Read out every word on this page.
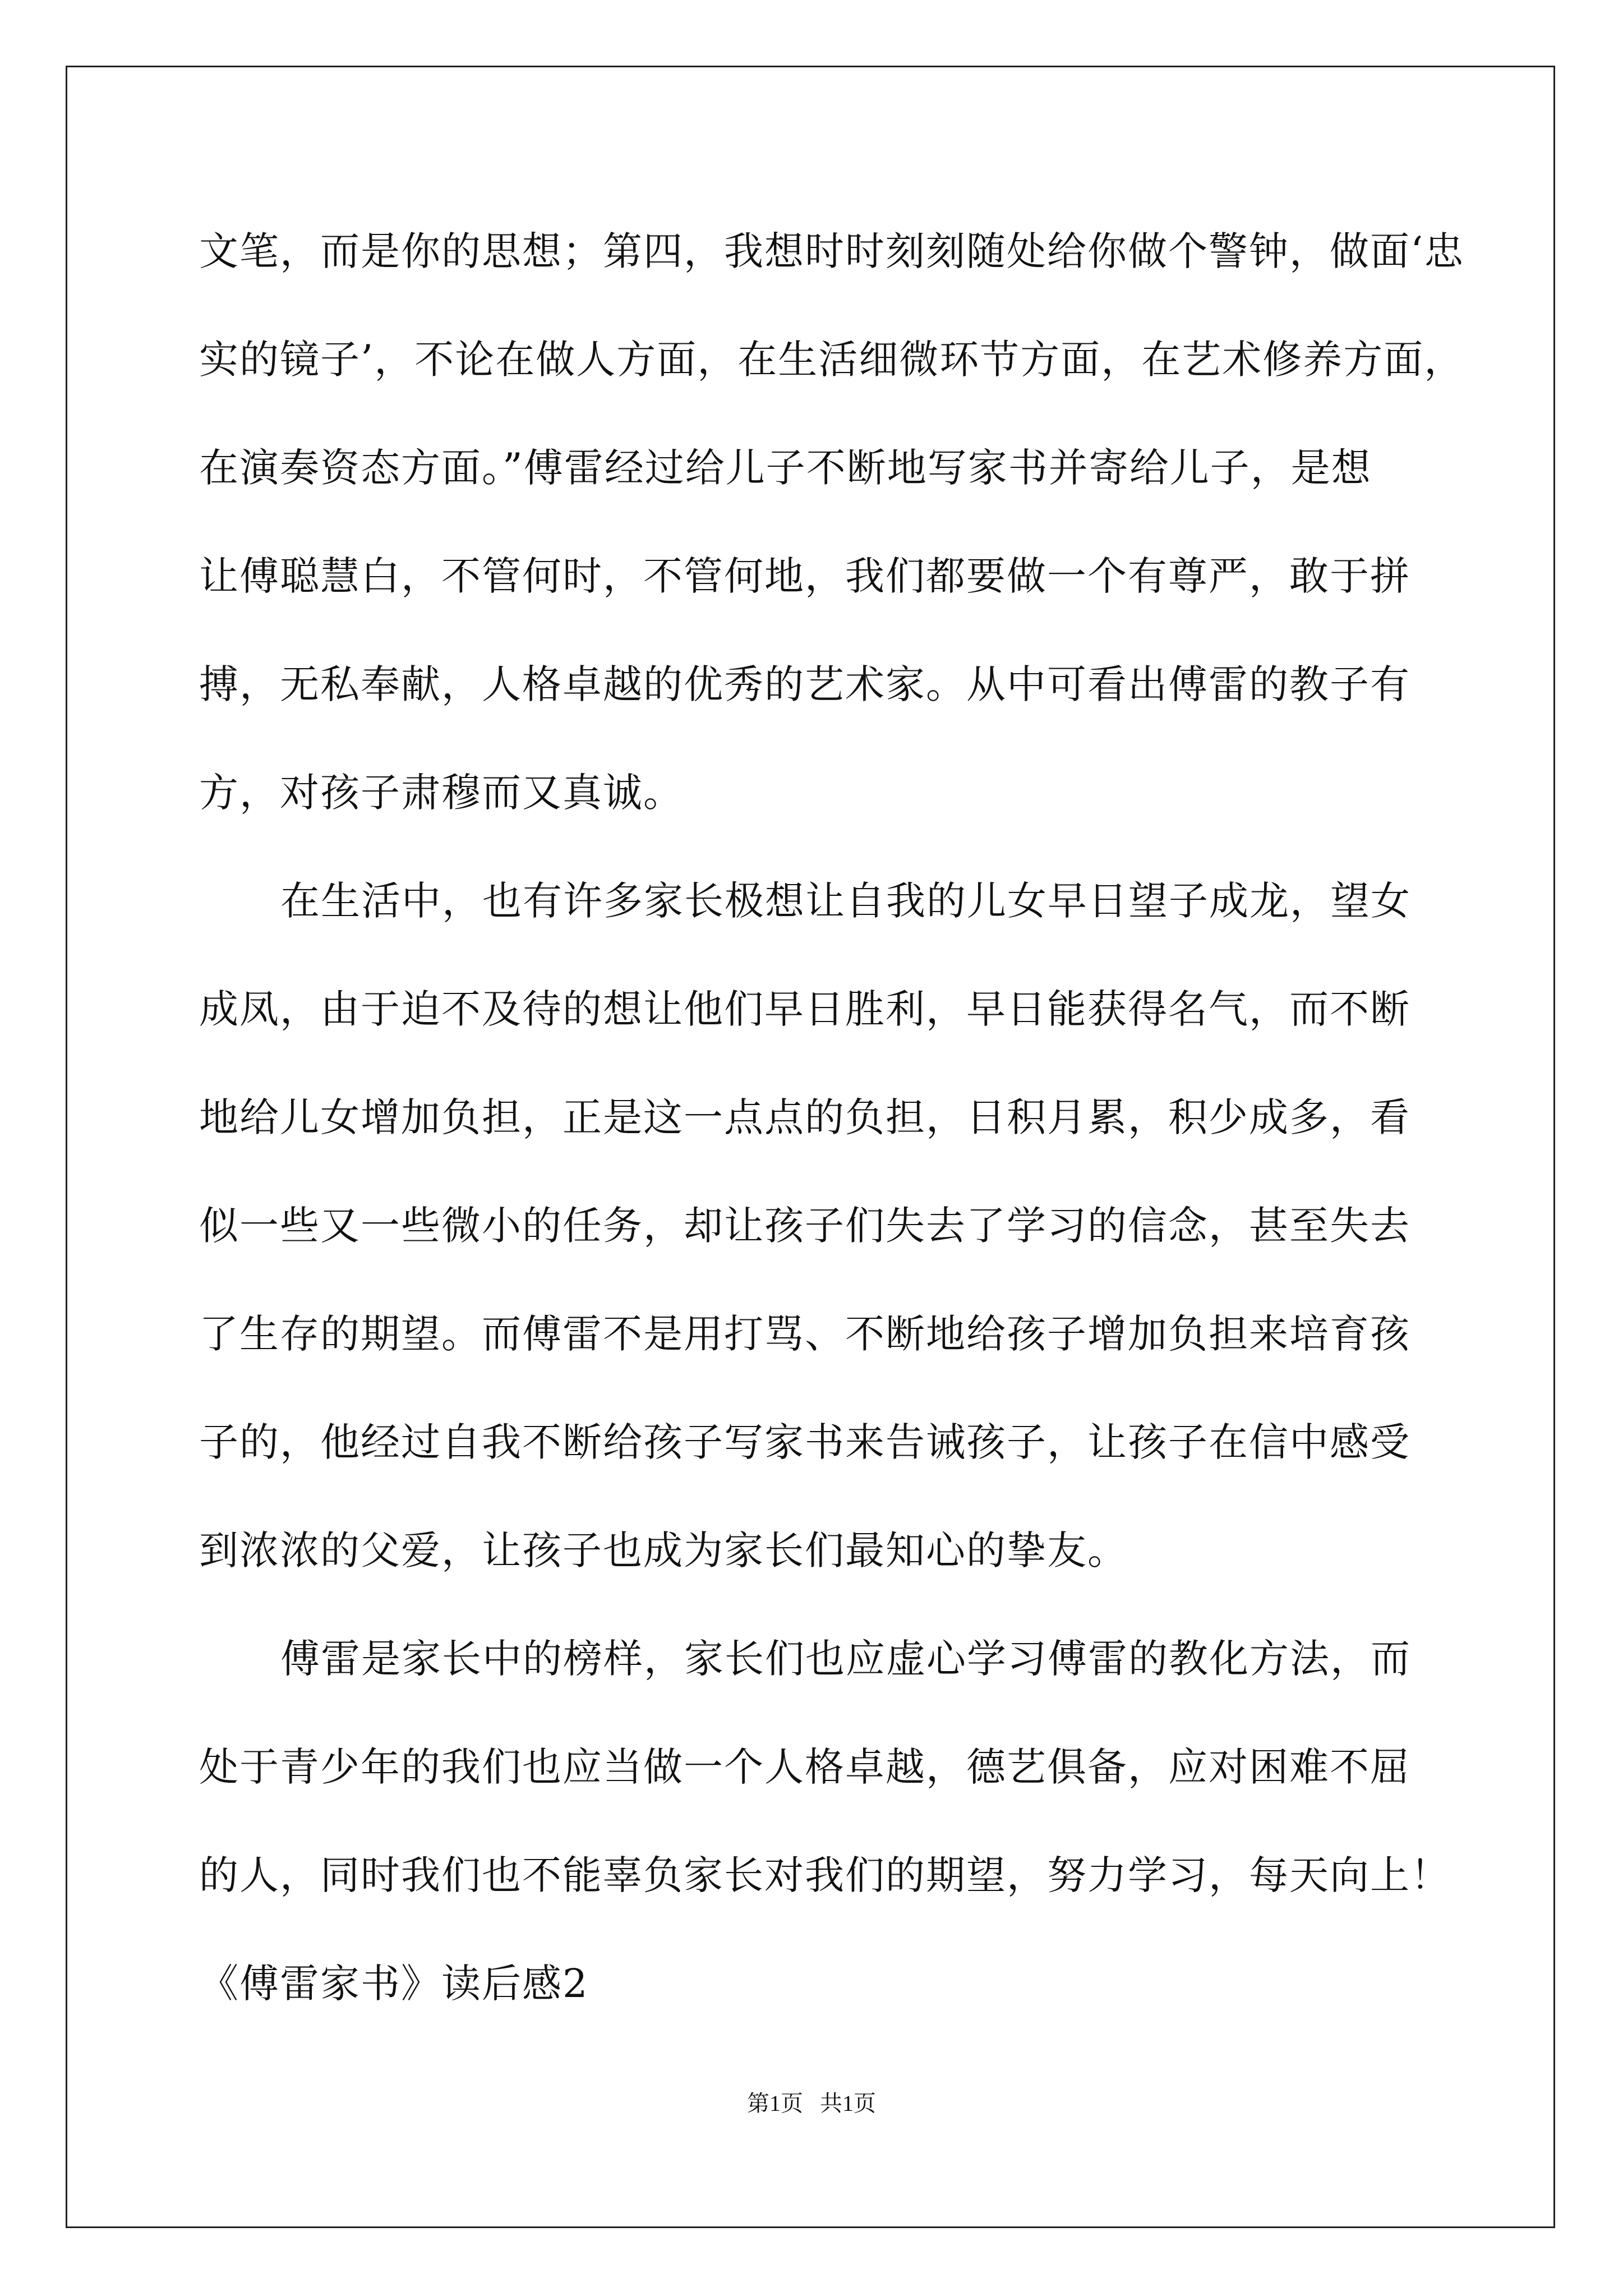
文笔，而是你的思想；第四，我想时时刻刻随处给你做个警钟，做面‘忠
实的镜子’，不论在做人方面，在生活细微环节方面，在艺术修养方面，
在演奏资态方面。”傅雷经过给儿子不断地写家书并寄给儿子，是想
让傅聪慧白，不管何时，不管何地，我们都要做一个有尊严，敢于拼
搏，无私奉献，人格卓越的优秀的艺术家。从中可看出傅雷的教子有
方，对孩子肃穆而又真诚。
在生活中，也有许多家长极想让自我的儿女早日望子成龙，望女
成凤，由于迫不及待的想让他们早日胜利，早日能获得名气，而不断
地给儿女增加负担，正是这一点点的负担，日积月累，积少成多，看
似一些又一些微小的任务，却让孩子们失去了学习的信念，甚至失去
了生存的期望。而傅雷不是用打骂、不断地给孩子增加负担来培育孩
子的，他经过自我不断给孩子写家书来告诫孩子，让孩子在信中感受
到浓浓的父爱，让孩子也成为家长们最知心的挚友。
傅雷是家长中的榜样，家长们也应虚心学习傅雷的教化方法，而
处于青少年的我们也应当做一个人格卓越，德艺俱备，应对困难不屈
的人，同时我们也不能辜负家长对我们的期望，努力学习，每天向上！
《傅雷家书》读后感2
第1页   共1页
